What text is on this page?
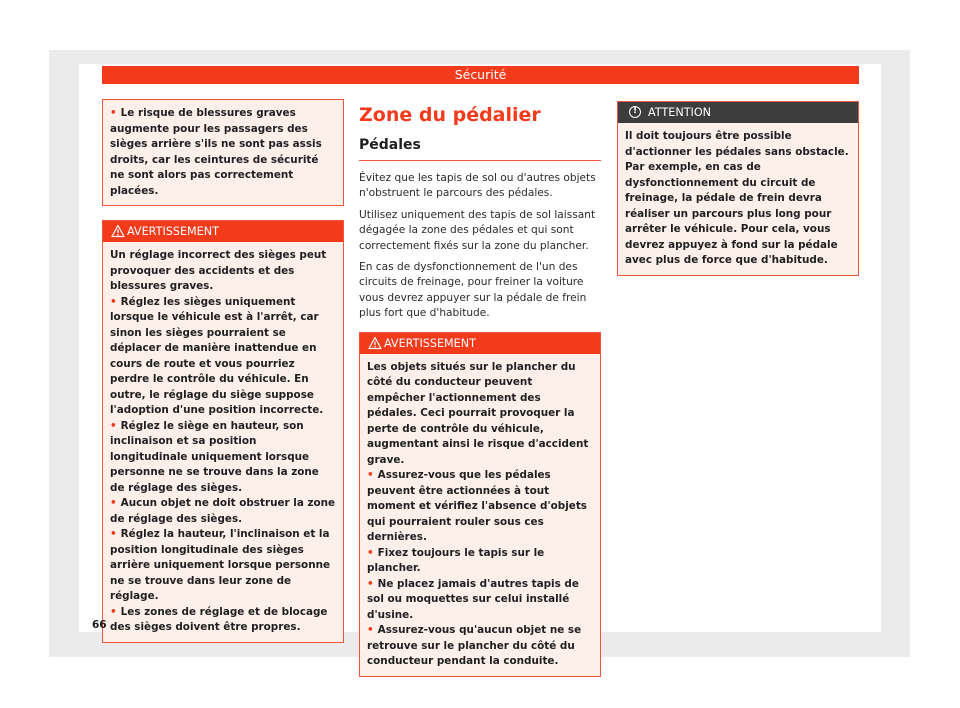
Sécurité
• Le risque de blessures graves augmente pour les passagers des sièges arrière s'ils ne sont pas assis droits, car les ceintures de sécurité ne sont alors pas correctement placées.
AVERTISSEMENT
Un réglage incorrect des sièges peut provoquer des accidents et des blessures graves.
• Réglez les sièges uniquement lorsque le véhicule est à l'arrêt, car sinon les sièges pourraient se déplacer de manière inattendue en cours de route et vous pourriez perdre le contrôle du véhicule. En outre, le réglage du siège suppose l'adoption d'une position incorrecte.
• Réglez le siège en hauteur, son inclinaison et sa position longitudinale uniquement lorsque personne ne se trouve dans la zone de réglage des sièges.
• Aucun objet ne doit obstruer la zone de réglage des sièges.
• Réglez la hauteur, l'inclinaison et la position longitudinale des sièges arrière uniquement lorsque personne ne se trouve dans leur zone de réglage.
• Les zones de réglage et de blocage des sièges doivent être propres.
Zone du pédalier
Pédales

Évitez que les tapis de sol ou d'autres objets n'obstruent le parcours des pédales.

Utilisez uniquement des tapis de sol laissant dégagée la zone des pédales et qui sont correctement fixés sur la zone du plancher.

En cas de dysfonctionnement de l'un des circuits de freinage, pour freiner la voiture vous devrez appuyer sur la pédale de frein plus fort que d'habitude.

AVERTISSEMENT
Les objets situés sur le plancher du côté du conducteur peuvent empêcher l'actionnement des pédales. Ceci pourrait provoquer la perte de contrôle du véhicule, augmentant ainsi le risque d'accident grave.
• Assurez-vous que les pédales peuvent être actionnées à tout moment et vérifiez l'absence d'objets qui pourraient rouler sous ces dernières.
• Fixez toujours le tapis sur le plancher.
• Ne placez jamais d'autres tapis de sol ou moquettes sur celui installé d'usine.
• Assurez-vous qu'aucun objet ne se retrouve sur le plancher du côté du conducteur pendant la conduite.
!
ATTENTION
Il doit toujours être possible d'actionner les pédales sans obstacle. Par exemple, en cas de dysfonctionnement du circuit de freinage, la pédale de frein devra réaliser un parcours plus long pour arrêter le véhicule. Pour cela, vous devrez appuyez à fond sur la pédale avec plus de force que d'habitude.
66
